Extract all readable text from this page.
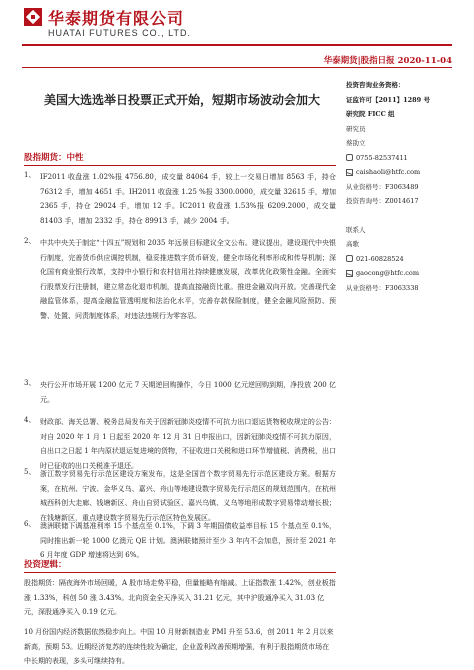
华泰期货有限公司
HUATAI FUTURES CO., LTD.
华泰期货|股指日报 2020-11-04
美国大选选举日投票正式开始，短期市场波动会加大
股指期货：中性
1、 IF2011 收盘涨 1.02%报 4756.80，成交量 84064 手，较上一交易日增加 8563 手，持仓 76312 手，增加 4651 手。IH2011 收盘涨 1.25 %报 3300.0000，成交量 32615 手，增加 2365 手，持仓 29024 手，增加 12 手。IC2011 收盘涨 1.53%报 6209.2000，成交量 81403 手，增加 2332 手，持仓 89913 手，减少 2004 手。
2、 中共中央关于制定“十四五”规划和 2035 年远景目标建议全文公布。建议提出，建设现代中央银行制度，完善货币供应调控机制，稳妥推进数字货币研发，健全市场化利率形成和传导机制；深化国有商业银行改革，支持中小银行和农村信用社持续健康发展，改革优化政策性金融。全面实行股票发行注册制，建立常态化退市机制，提高直接融资比重。推进金融双向开放。完善现代金融监管体系，提高金融监管透明度和法治化水平，完善存款保险制度，健全金融风险预防、预警、处置、问责制度体系，对违法违规行为零容忍。
3、 央行公开市场开展 1200 亿元 7 天期逆回购操作，今日 1000 亿元逆回购到期，净投放 200 亿元。
4、 财政部、海关总署、税务总局发布关于因新冠肺炎疫情不可抗力出口退运货物税收规定的公告：对自 2020 年 1 月 1 日起至 2020 年 12 月 31 日申报出口，因新冠肺炎疫情不可抗力原因，自出口之日起 1 年内原状退运复进境的货物，不征收进口关税和进口环节增值税、消费税，出口时已征收的出口关税准予退还。
5、 浙江数字贸易先行示范区建设方案发布，这是全国首个数字贸易先行示范区建设方案。根据方案，在杭州、宁波、金华义乌、嘉兴、舟山等地建设数字贸易先行示范区的规划范围内，在杭州城西科创大走廊、钱塘新区、舟山自贸试验区、嘉兴乌镇、义乌等地形成数字贸易带动增长极；在钱塘新区，重点建设数字贸易先行示范区特色发展区。
6、 澳洲联储下调基准利率 15 个基点至 0.1%，下调 3 年期国债收益率目标 15 个基点至 0.1%，同时推出新一轮 1000 亿澳元 QE 计划。澳洲联储预计至少 3 年内不会加息，预计至 2021 年 6 月年度 GDP 增速将达到 6%。
投资逻辑：
股指期货：隔夜海外市场回暖，A 股市场走势平稳，但量能略有缩减。上证指数涨 1.42%，创业板指涨 1.33%，科创 50 涨 3.43%。北向资金全天净买入 31.21 亿元，其中沪股通净买入 31.03 亿元，深股通净买入 0.19 亿元。
10 月份国内经济数据依然稳步向上。中国 10 月财新制造业 PMI 升至 53.6，创 2011 年 2 月以来新高，预期 53。近期经济复苏的连续性较为确定，企业盈利改善预期增强，有利于股指期货市场在中长期的表现，多头可继续持有。
投资咨询业务资格：
证监许可【2011】1289 号
研究院 FICC 组
研究员
蔡劭立
0755-82537411
caishaoli@htfc.com
从业资格号：F3063489
投资咨询号：Z0014617
联系人
高歌
021-60828524
gaocong@htfc.com
从业资格号：F3063338
